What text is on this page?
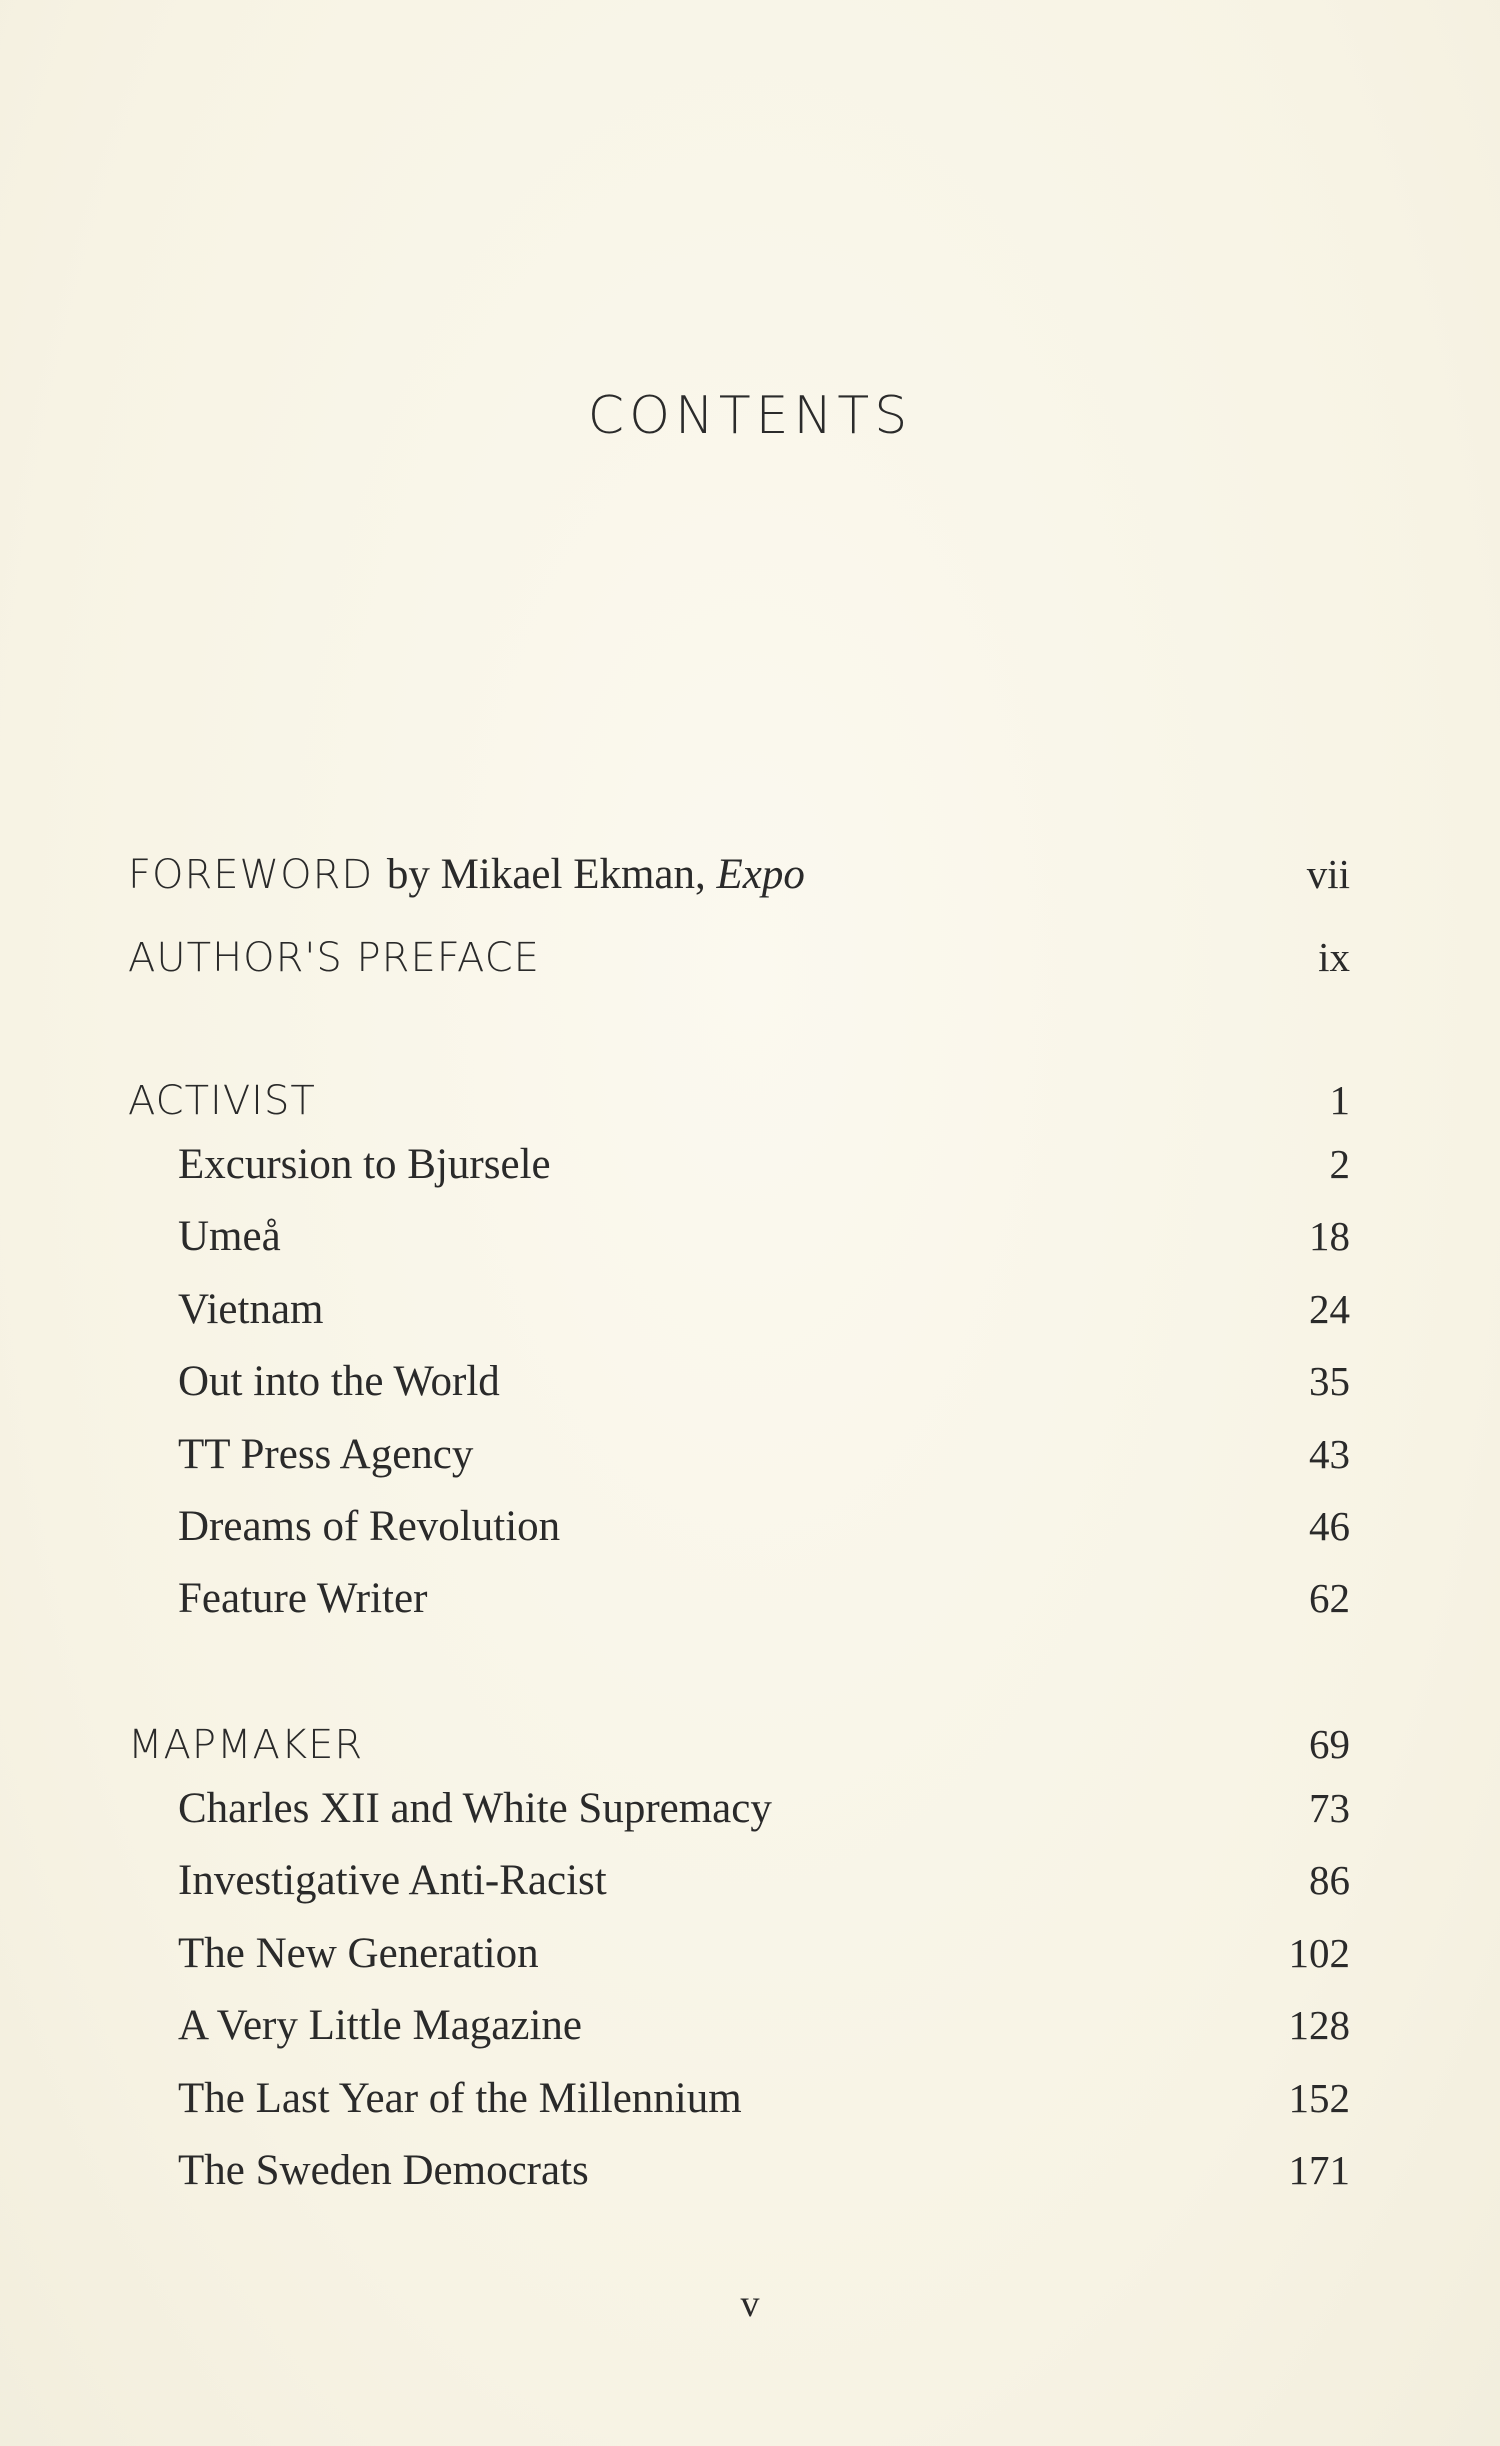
CONTENTS
FOREWORD by Mikael Ekman, Expo	vii
AUTHOR'S PREFACE	ix
ACTIVIST	1
Excursion to Bjursele	2
Umeå	18
Vietnam	24
Out into the World	35
TT Press Agency	43
Dreams of Revolution	46
Feature Writer	62
MAPMAKER	69
Charles XII and White Supremacy	73
Investigative Anti-Racist	86
The New Generation	102
A Very Little Magazine	128
The Last Year of the Millennium	152
The Sweden Democrats	171
v
